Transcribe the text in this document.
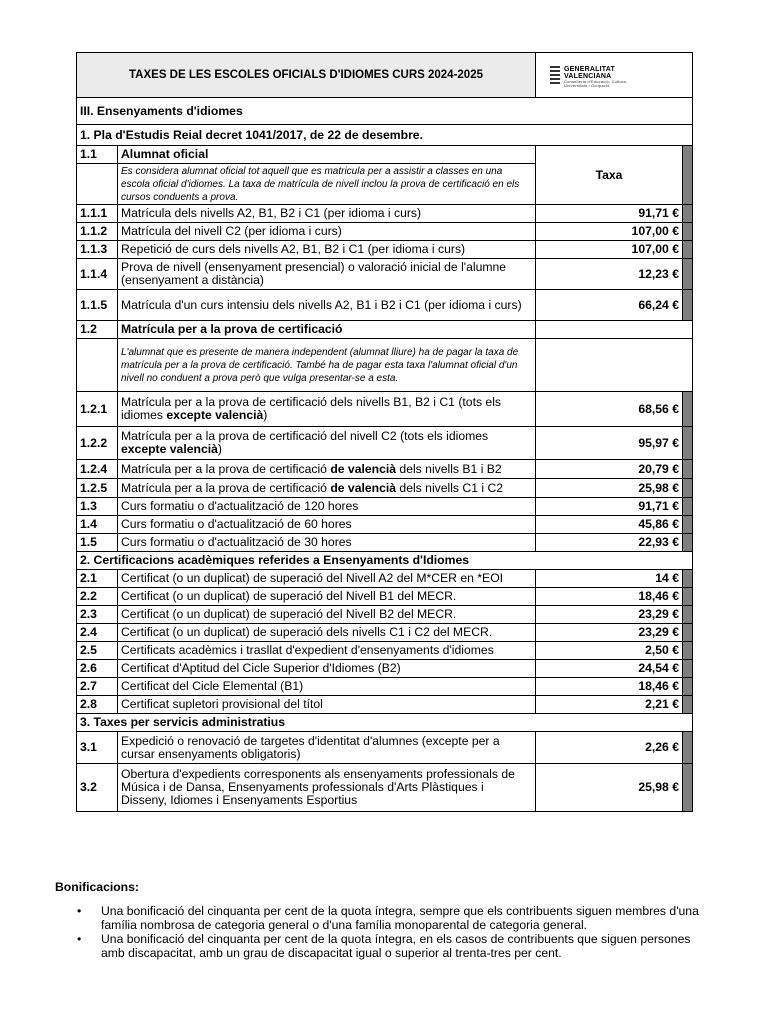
TAXES DE LES ESCOLES OFICIALS D'IDIOMES CURS 2024-2025		GENERALITAT
VALENCIANA
Conselleria d'Educació, Cultura,
Universitats i Ocupació	

III. Ensenyaments d'idiomes			
1. Pla d'Estudis Reial decret 1041/2017, de 22 de desembre.			
1.1	Alumnat oficial	Taxa	
	Es considera alumnat oficial tot aquell que es matricula per a assistir a classes en una escola oficial d'idiomes. La taxa de matrícula de nivell inclou la prova de certificació en els cursos conduents a prova.		
1.1.1	Matrícula dels nivells A2, B1, B2 i C1 (per idioma i curs)	91,71 €	
1.1.2	Matrícula del nivell C2 (per idioma i curs)	107,00 €	
1.1.3	Repetició de curs dels nivells A2, B1, B2 i C1 (per idioma i curs)	107,00 €	
1.1.4	Prova de nivell (ensenyament presencial) o valoració inicial de l'alumne (ensenyament a distància)	12,23 €	
1.1.5	Matrícula d'un curs intensiu dels nivells A2, B1 i B2 i C1 (per idioma i curs)	66,24 €	
1.2	Matrícula per a la prova de certificació		
	L'alumnat que es presente de manera independent (alumnat lliure) ha de pagar la taxa de matrícula per a la prova de certificació. També ha de pagar esta taxa l'alumnat oficial d'un nivell no conduent a prova però que vulga presentar-se a esta.		
1.2.1	Matrícula per a la prova de certificació dels nivells B1, B2 i C1 (tots els idiomes excepte valencià)	68,56 €	
1.2.2	Matrícula per a la prova de certificació del nivell C2 (tots els idiomes excepte valencià)	95,97 €	
1.2.4	Matrícula per a la prova de certificació de valencià dels nivells B1 i B2	20,79 €	
1.2.5	Matrícula per a la prova de certificació de valencià dels nivells C1 i C2	25,98 €	
1.3	Curs formatiu o d'actualització de 120 hores	91,71 €	
1.4	Curs formatiu o d'actualització de 60 hores	45,86 €	
1.5	Curs formatiu o d'actualització de 30 hores	22,93 €	
2. Certificacions acadèmiques referides a Ensenyaments d'Idiomes			
2.1	Certificat (o un duplicat) de superació del Nivell A2 del M*CER en *EOI	14 €	
2.2	Certificat (o un duplicat) de superació del Nivell B1 del MECR.	18,46 €	
2.3	Certificat (o un duplicat) de superació del Nivell B2 del MECR.	23,29 €	
2.4	Certificat (o un duplicat) de superació dels nivells C1 i C2 del MECR.	23,29 €	
2.5	Certificats acadèmics i trasllat d'expedient d'ensenyaments d'idiomes	2,50 €	
2.6	Certificat d'Aptitud del Cicle Superior d'Idiomes (B2)	24,54 €	
2.7	Certificat del Cicle Elemental (B1)	18,46 €	
2.8	Certificat supletori provisional del títol	2,21 €	
3. Taxes per servicis administratius			
3.1	Expedició o renovació de targetes d'identitat d'alumnes (excepte per a cursar ensenyaments obligatoris)	2,26 €	
3.2	Obertura d'expedients corresponents als ensenyaments professionals de Música i de Dansa, Ensenyaments professionals d'Arts Plàstiques i Disseny, Idiomes i Ensenyaments Esportius	25,98 €	
Bonificacions:
• Una bonificació del cinquanta per cent de la quota íntegra, sempre que els contribuents siguen membres d'una família nombrosa de categoria general o d'una família monoparental de categoria general.
• Una bonificació del cinquanta per cent de la quota íntegra, en els casos de contribuents que siguen persones amb discapacitat, amb un grau de discapacitat igual o superior al trenta-tres per cent.
